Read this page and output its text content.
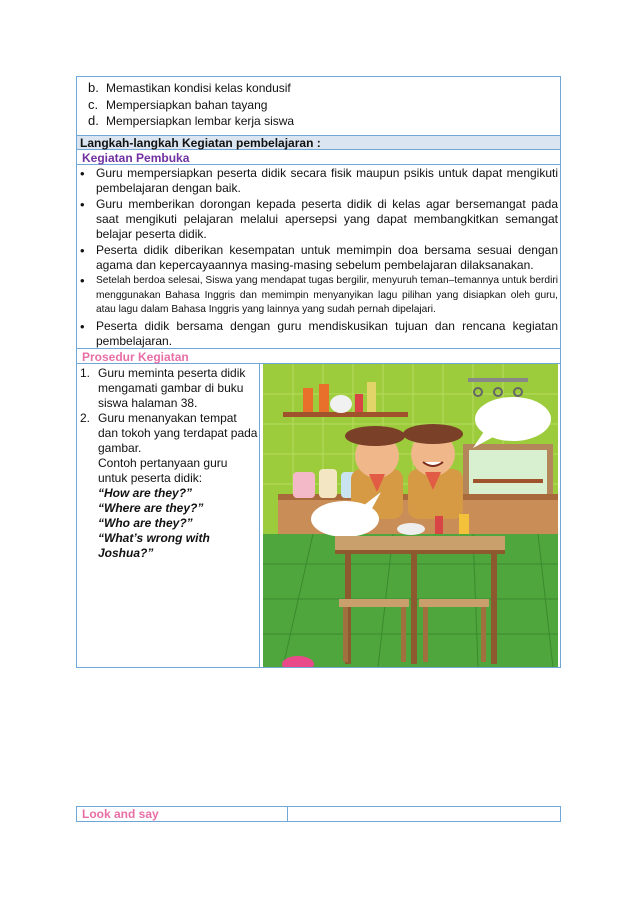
b. Memastikan kondisi kelas kondusif
c. Mempersiapkan bahan tayang
d. Mempersiapkan lembar kerja siswa
Langkah-langkah Kegiatan pembelajaran :
Kegiatan Pembuka
• Guru mempersiapkan peserta didik secara fisik maupun psikis untuk dapat mengikuti pembelajaran dengan baik.
• Guru memberikan dorongan kepada peserta didik di kelas agar bersemangat pada saat mengikuti pelajaran melalui apersepsi yang dapat membangkitkan semangat belajar peserta didik.
• Peserta didik diberikan kesempatan untuk memimpin doa bersama sesuai dengan agama dan kepercayaannya masing-masing sebelum pembelajaran dilaksanakan.
• Setelah berdoa selesai, Siswa yang mendapat tugas bergilir, menyuruh teman–temannya untuk berdiri menggunakan Bahasa Inggris dan memimpin menyanyikan lagu pilihan yang disiapkan oleh guru, atau lagu dalam Bahasa Inggris yang lainnya yang sudah pernah dipelajari.
• Peserta didik bersama dengan guru mendiskusikan tujuan dan rencana kegiatan pembelajaran.
Prosedur Kegiatan
1. Guru meminta peserta didik mengamati gambar di buku siswa halaman 38.
2. Guru menanyakan tempat dan tokoh yang terdapat pada gambar.
Contoh pertanyaan guru untuk peserta didik:
“How are they?”
“Where are they?”
“Who are they?”
“What’s wrong with Joshua?”
Look and say
